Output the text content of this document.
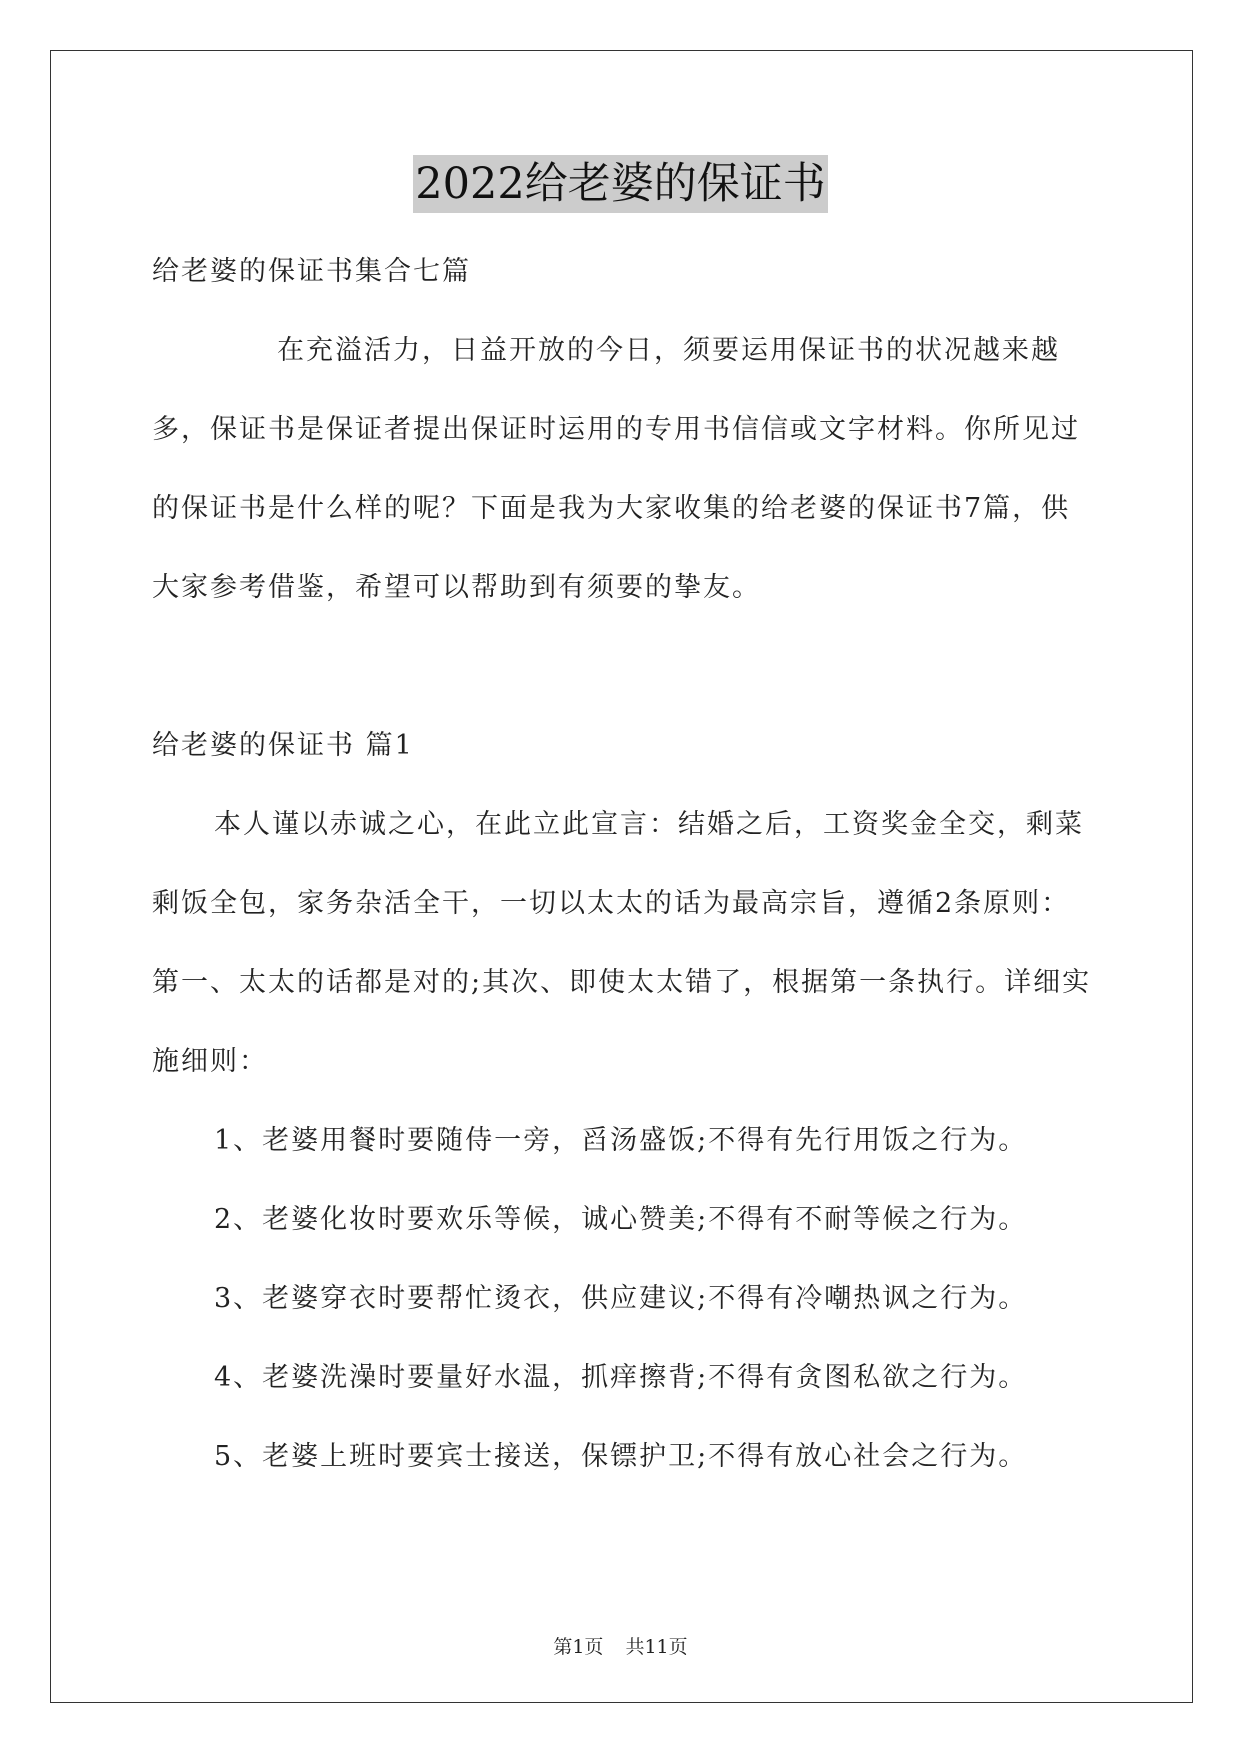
2022给老婆的保证书

给老婆的保证书集合七篇

在充溢活力，日益开放的今日，须要运用保证书的状况越来越多，保证书是保证者提出保证时运用的专用书信信或文字材料。你所见过的保证书是什么样的呢？下面是我为大家收集的给老婆的保证书7篇，供大家参考借鉴，希望可以帮助到有须要的挚友。

给老婆的保证书 篇1

本人谨以赤诚之心，在此立此宣言：结婚之后，工资奖金全交，剩菜剩饭全包，家务杂活全干，一切以太太的话为最高宗旨，遵循2条原则：第一、太太的话都是对的;其次、即使太太错了，根据第一条执行。详细实施细则：

1、老婆用餐时要随侍一旁，舀汤盛饭;不得有先行用饭之行为。

2、老婆化妆时要欢乐等候，诚心赞美;不得有不耐等候之行为。

3、老婆穿衣时要帮忙烫衣，供应建议;不得有冷嘲热讽之行为。

4、老婆洗澡时要量好水温，抓痒擦背;不得有贪图私欲之行为。

5、老婆上班时要宾士接送，保镖护卫;不得有放心社会之行为。

第1页 共11页
